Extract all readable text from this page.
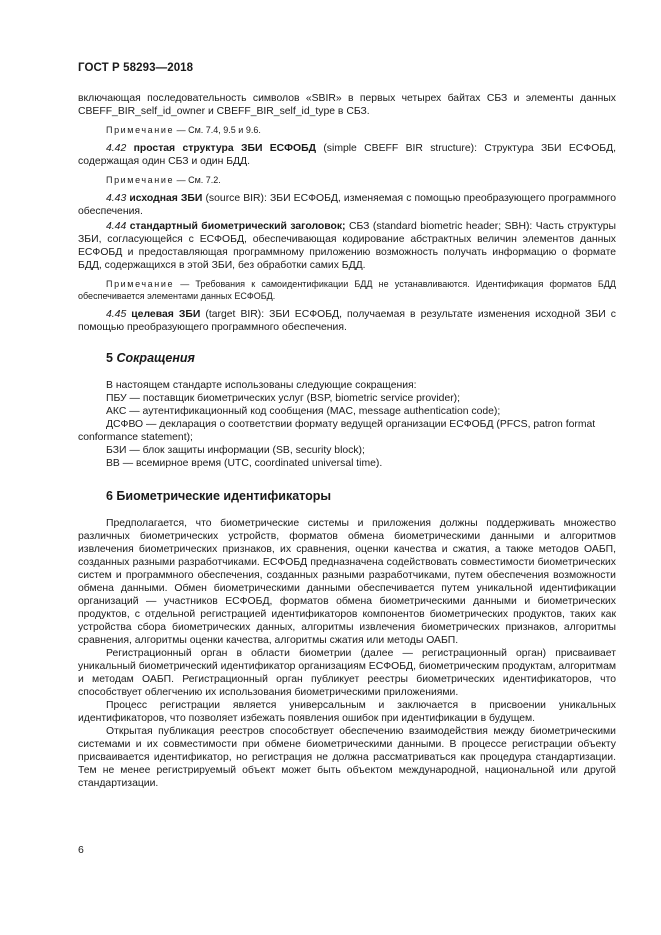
ГОСТ Р 58293—2018

включающая последовательность символов «SBIR» в первых четырех байтах СБЗ и элементы данных CBEFF_BIR_self_id_owner и CBEFF_BIR_self_id_type в СБЗ.

Примечание — См. 7.4, 9.5 и 9.6.

4.42 простая структура ЗБИ ЕСФОБД (simple CBEFF BIR structure): Структура ЗБИ ЕСФОБД, содержащая один СБЗ и один БДД.

Примечание — См. 7.2.

4.43 исходная ЗБИ (source BIR): ЗБИ ЕСФОБД, изменяемая с помощью преобразующего программного обеспечения.

4.44 стандартный биометрический заголовок; СБЗ (standard biometric header; SBH): Часть структуры ЗБИ, согласующейся с ЕСФОБД, обеспечивающая кодирование абстрактных величин элементов данных ЕСФОБД и предоставляющая программному приложению возможность получать информацию о формате БДД, содержащихся в этой ЗБИ, без обработки самих БДД.

Примечание — Требования к самоидентификации БДД не устанавливаются. Идентификация форматов БДД обеспечивается элементами данных ЕСФОБД.

4.45 целевая ЗБИ (target BIR): ЗБИ ЕСФОБД, получаемая в результате изменения исходной ЗБИ с помощью преобразующего программного обеспечения.

5 Сокращения

В настоящем стандарте использованы следующие сокращения:

ПБУ — поставщик биометрических услуг (BSP, biometric service provider);

АКС — аутентификационный код сообщения (MAC, message authentication code);

ДСФВО — декларация о соответствии формату ведущей организации ЕСФОБД (PFCS, patron format conformance statement);

БЗИ — блок защиты информации (SB, security block);

ВВ — всемирное время (UTC, coordinated universal time).

6 Биометрические идентификаторы

Предполагается, что биометрические системы и приложения должны поддерживать множество различных биометрических устройств, форматов обмена биометрическими данными и алгоритмов извлечения биометрических признаков, их сравнения, оценки качества и сжатия, а также методов ОАБП, созданных разными разработчиками. ЕСФОБД предназначена содействовать совместимости биометрических систем и программного обеспечения, созданных разными разработчиками, путем обеспечения возможности обмена данными. Обмен биометрическими данными обеспечивается путем уникальной идентификации организаций — участников ЕСФОБД, форматов обмена биометрическими данными и биометрических продуктов, с отдельной регистрацией идентификаторов компонентов биометрических продуктов, таких как устройства сбора биометрических данных, алгоритмы извлечения биометрических признаков, алгоритмы сравнения, алгоритмы оценки качества, алгоритмы сжатия или методы ОАБП.

Регистрационный орган в области биометрии (далее — регистрационный орган) присваивает уникальный биометрический идентификатор организациям ЕСФОБД, биометрическим продуктам, алгоритмам и методам ОАБП. Регистрационный орган публикует реестры биометрических идентификаторов, что способствует облегчению их использования биометрическими приложениями.

Процесс регистрации является универсальным и заключается в присвоении уникальных идентификаторов, что позволяет избежать появления ошибок при идентификации в будущем.

Открытая публикация реестров способствует обеспечению взаимодействия между биометрическими системами и их совместимости при обмене биометрическими данными. В процессе регистрации объекту присваивается идентификатор, но регистрация не должна рассматриваться как процедура стандартизации. Тем не менее регистрируемый объект может быть объектом международной, национальной или другой стандартизации.

6
